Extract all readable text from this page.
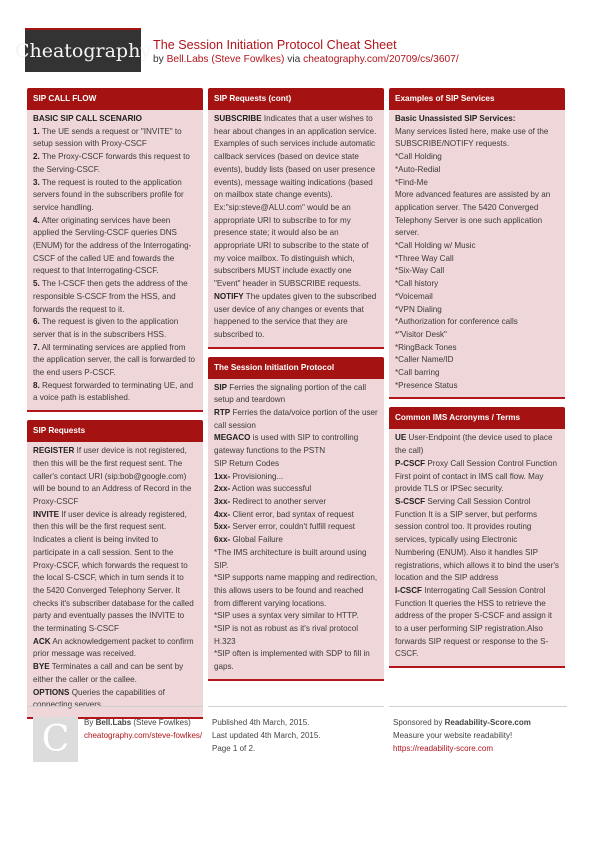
Cheatography The Session Initiation Protocol Cheat Sheet
by Bell.Labs (Steve Fowlkes) via cheatography.com/20709/cs/3607/
SIP CALL FLOW
BASIC SIP CALL SCENARIO
1. The UE sends a request or "INVITE" to setup session with Proxy-CSCF
2. The Proxy-CSCF forwards this request to the Serving-CSCF.
3. The request is routed to the application servers found in the subscribers profile for service handling.
4. After originating services have been applied the Serviing-CSCF queries DNS (ENUM) for the address of the Interrogating-CSCF of the called UE and fowards the request to that Interrogating-CSCF.
5. The I-CSCF then gets the address of the responsible S-CSCF from the HSS, and forwards the request to it.
6. The request is given to the application server that is in the subscribers HSS.
7. All terminating services are applied from the application server, the call is forwarded to the end users P-CSCF.
8. Request forwarded to terminating UE, and a voice path is established.
SIP Requests
REGISTER If user device is not registered, then this will be the first request sent. The caller's contact URI (sip:bob@google.com) will be bound to an Address of Record in the Proxy-CSCF
INVITE If user device is already registered, then this will be the first request sent. Indicates a client is being invited to participate in a call session. Sent to the Proxy-CSCF, which forwards the request to the local S-CSCF, which in turn sends it to the 5420 Converged Telephony Server. It checks it's subscriber database for the called party and eventually passes the INVITE to the terminating S-CSCF
ACK An acknowledgement packet to confirm prior message was received.
BYE Terminates a call and can be sent by either the caller or the callee.
OPTIONS Queries the capabilities of connecting servers.
SIP Requests (cont)
SUBSCRIBE Indicates that a user wishes to hear about changes in an application service. Examples of such services include automatic callback services (based on device state events), buddy lists (based on user presence events), message waiting indications (based on mailbox state change events). Ex:"sip:steve@ALU.com" would be an appropriate URI to subscribe to for my presence state; it would also be an appropriate URI to subscribe to the state of my voice mailbox. To distinguish which, subscribers MUST include exactly one "Event" header in SUBSCRIBE requests.
NOTIFY The updates given to the subscribed user device of any changes or events that happened to the service that they are subscribed to.
The Session Initiation Protocol
SIP Ferries the signaling portion of the call setup and teardown
RTP Ferries the data/voice portion of the user call session
MEGACO is used with SIP to controlling gateway functions to the PSTN
SIP Return Codes
1xx- Provisioning...
2xx- Action was successful
3xx- Redirect to another server
4xx- Client error, bad syntax of request
5xx- Server error, couldn't fulfill request
6xx- Global Failure
*The IMS architecture is built around using SIP.
*SIP supports name mapping and redirection, this allows users to be found and reached from different varying locations.
*SIP uses a syntax very similar to HTTP.
*SIP is not as robust as it's rival protocol H.323
*SIP often is implemented with SDP to fill in gaps.
Examples of SIP Services
Basic Unassisted SIP Services:
Many services listed here, make use of the SUBSCRIBE/NOTIFY requests.
*Call Holding
*Auto-Redial
*Find-Me
More advanced features are assisted by an application server. The 5420 Converged Telephony Server is one such application server.
*Call Holding w/ Music
*Three Way Call
*Six-Way Call
*Call history
*Voicemail
*VPN Dialing
*Authorization for conference calls
*"Visitor Desk"
*RingBack Tones
*Caller Name/ID
*Call barring
*Presence Status
Common IMS Acronyms / Terms
UE User-Endpoint (the device used to place the call)
P-CSCF Proxy Call Session Control Function First point of contact in IMS call flow. May provide TLS or IPSec security.
S-CSCF Serving Call Session Control Function It is a SIP server, but performs session control too. It provides routing services, typically using Electronic Numbering (ENUM). Also it handles SIP registrations, which allows it to bind the user's location and the SIP address
I-CSCF Interrogating Call Session Control Function It queries the HSS to retrieve the address of the proper S-CSCF and assign it to a user performing SIP registration.Also forwards SIP request or response to the S-CSCF.
C	By Bell.Labs (Steve Fowlkes)
cheatography.com/steve-fowlkes/
Published 4th March, 2015.
Last updated 4th March, 2015.
Page 1 of 2.
Sponsored by Readability-Score.com
Measure your website readability!
https://readability-score.com
